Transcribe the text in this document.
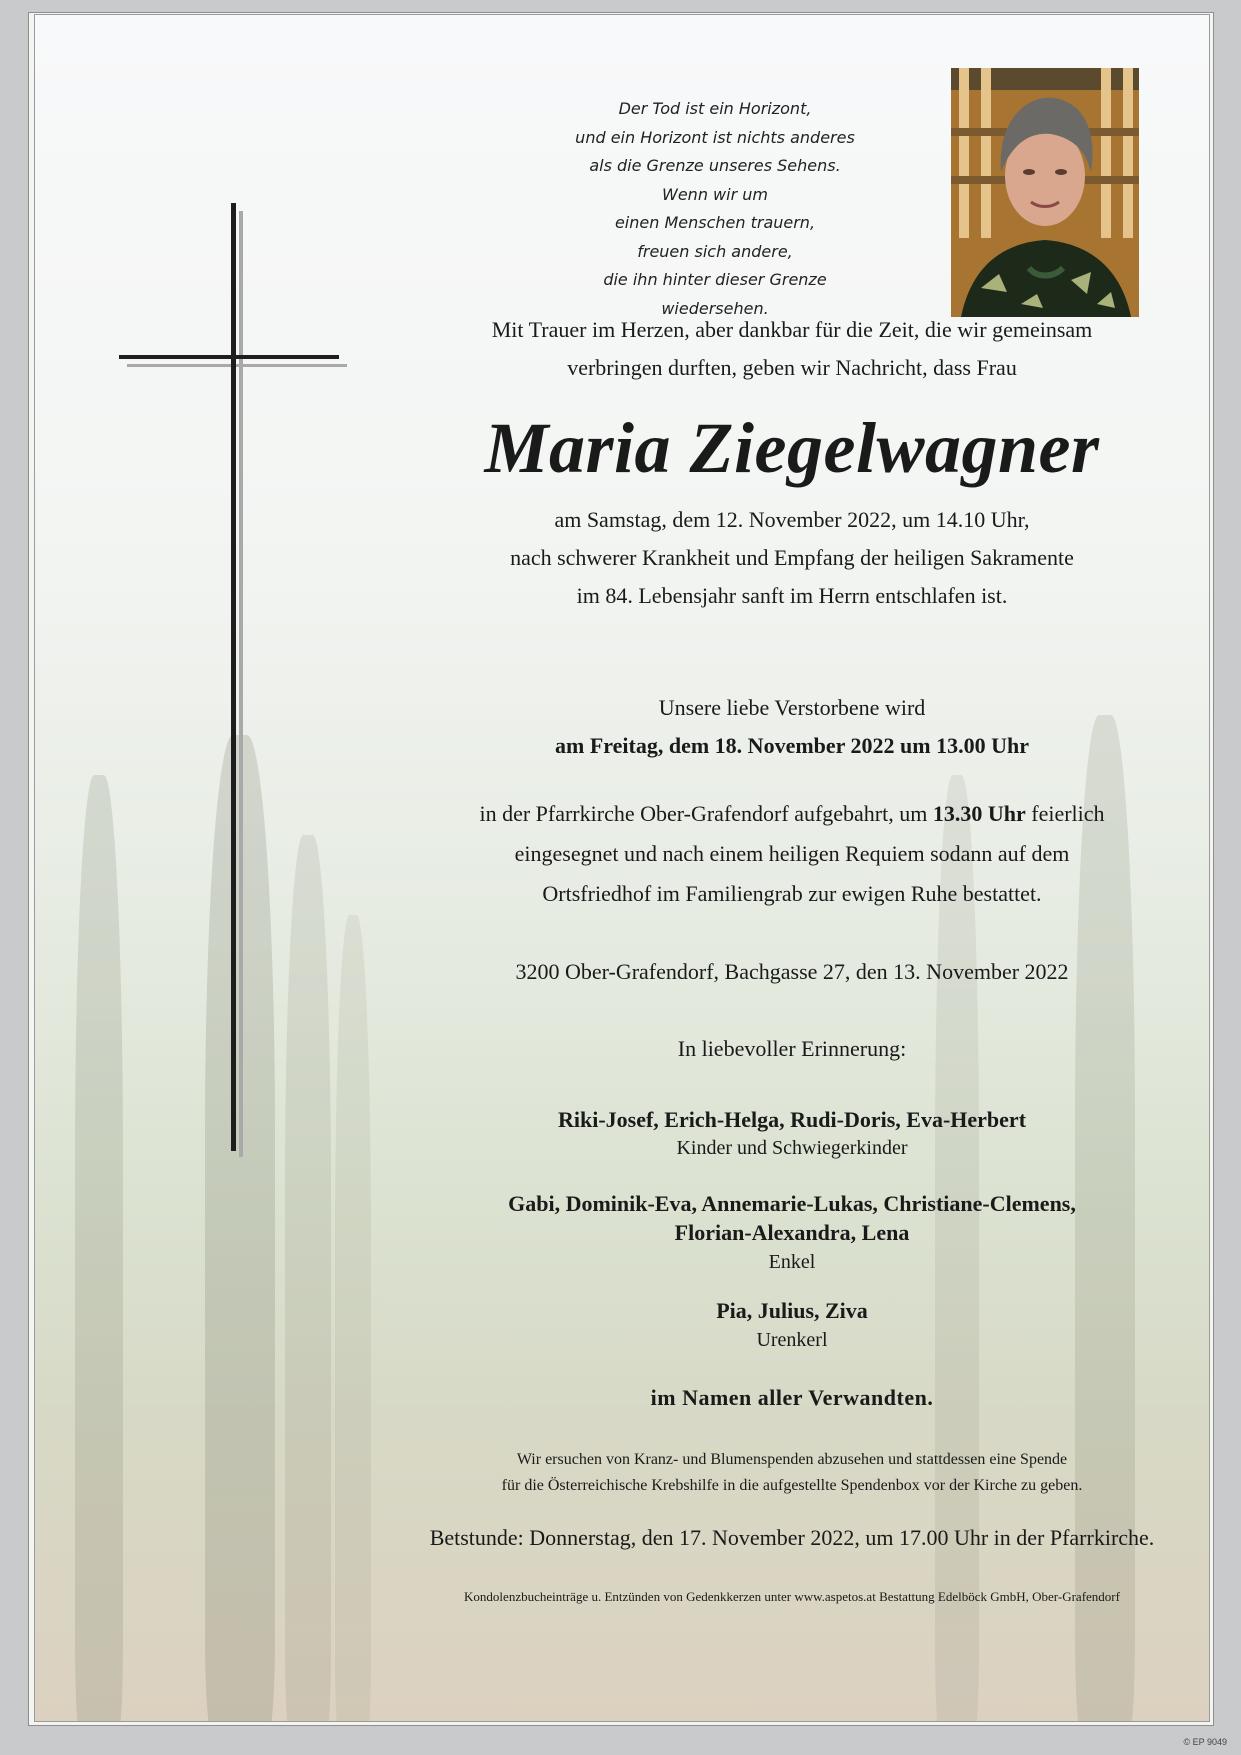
Der Tod ist ein Horizont,
und ein Horizont ist nichts anderes
als die Grenze unseres Sehens.
Wenn wir um
einen Menschen trauern,
freuen sich andere,
die ihn hinter dieser Grenze
wiedersehen.
Mit Trauer im Herzen, aber dankbar für die Zeit, die wir gemeinsam
verbringen durften, geben wir Nachricht, dass Frau
Maria Ziegelwagner
am Samstag, dem 12. November 2022, um 14.10 Uhr,
nach schwerer Krankheit und Empfang der heiligen Sakramente
im 84. Lebensjahr sanft im Herrn entschlafen ist.
Unsere liebe Verstorbene wird
am Freitag, dem 18. November 2022 um 13.00 Uhr
in der Pfarrkirche Ober-Grafendorf aufgebahrt, um 13.30 Uhr feierlich
eingesegnet und nach einem heiligen Requiem sodann auf dem
Ortsfriedhof im Familiengrab zur ewigen Ruhe bestattet.
3200 Ober-Grafendorf, Bachgasse 27, den 13. November 2022
In liebevoller Erinnerung:
Riki-Josef, Erich-Helga, Rudi-Doris, Eva-Herbert
Kinder und Schwiegerkinder
Gabi, Dominik-Eva, Annemarie-Lukas, Christiane-Clemens,
Florian-Alexandra, Lena
Enkel
Pia, Julius, Ziva
Urenkerl
im Namen aller Verwandten.
Wir ersuchen von Kranz- und Blumenspenden abzusehen und stattdessen eine Spende
für die Österreichische Krebshilfe in die aufgestellte Spendenbox vor der Kirche zu geben.
Betstunde: Donnerstag, den 17. November 2022, um 17.00 Uhr in der Pfarrkirche.
Kondolenzbucheinträge u. Entzünden von Gedenkkerzen unter www.aspetos.at Bestattung Edelböck GmbH, Ober-Grafendorf
© EP 9049
